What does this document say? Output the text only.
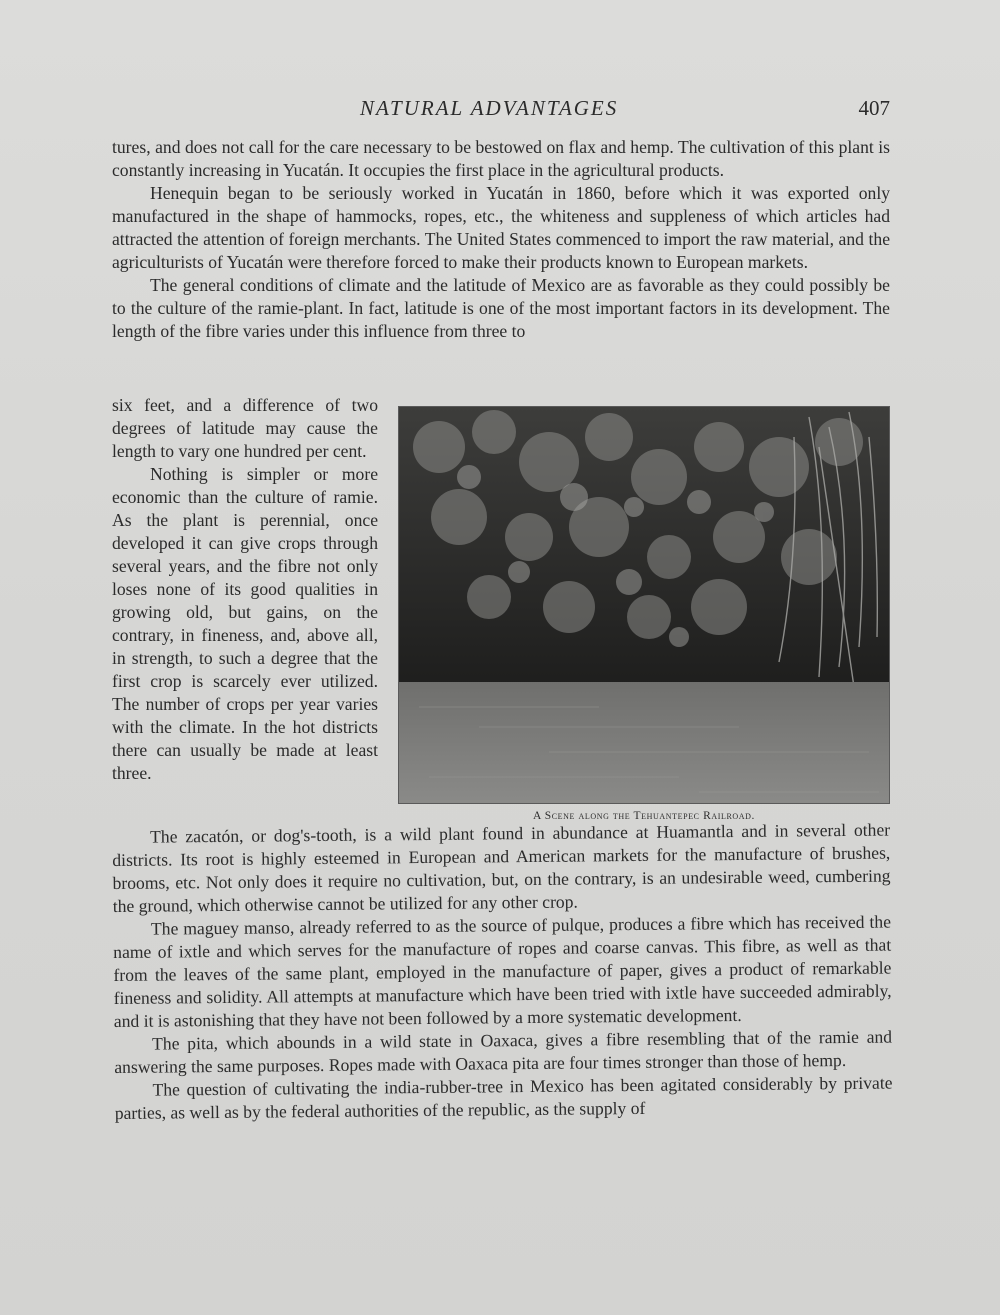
NATURAL ADVANTAGES	407

tures, and does not call for the care necessary to be bestowed on flax and hemp. The cultivation of this plant is constantly increasing in Yucatán. It occupies the first place in the agricultural products.

Henequin began to be seriously worked in Yucatán in 1860, before which it was exported only manufactured in the shape of hammocks, ropes, etc., the whiteness and suppleness of which articles had attracted the attention of foreign merchants. The United States commenced to import the raw material, and the agriculturists of Yucatán were therefore forced to make their products known to European markets.

The general conditions of climate and the latitude of Mexico are as favorable as they could possibly be to the culture of the ramie-plant. In fact, latitude is one of the most important factors in its development. The length of the fibre varies under this influence from three to

six feet, and a difference of two degrees of latitude may cause the length to vary one hundred per cent.

Nothing is simpler or more economic than the culture of ramie. As the plant is perennial, once developed it can give crops through several years, and the fibre not only loses none of its good qualities in growing old, but gains, on the contrary, in fineness, and, above all, in strength, to such a degree that the first crop is scarcely ever utilized. The number of crops per year varies with the climate. In the hot districts there can usually be made at least three.

A Scene along the Tehuantepec Railroad.

The zacatón, or dog's-tooth, is a wild plant found in abundance at Huamantla and in several other districts. Its root is highly esteemed in European and American markets for the manufacture of brushes, brooms, etc. Not only does it require no cultivation, but, on the contrary, is an undesirable weed, cumbering the ground, which otherwise cannot be utilized for any other crop.

The maguey manso, already referred to as the source of pulque, produces a fibre which has received the name of ixtle and which serves for the manufacture of ropes and coarse canvas. This fibre, as well as that from the leaves of the same plant, employed in the manufacture of paper, gives a product of remarkable fineness and solidity. All attempts at manufacture which have been tried with ixtle have succeeded admirably, and it is astonishing that they have not been followed by a more systematic development.

The pita, which abounds in a wild state in Oaxaca, gives a fibre resembling that of the ramie and answering the same purposes. Ropes made with Oaxaca pita are four times stronger than those of hemp.

The question of cultivating the india-rubber-tree in Mexico has been agitated considerably by private parties, as well as by the federal authorities of the republic, as the supply of
